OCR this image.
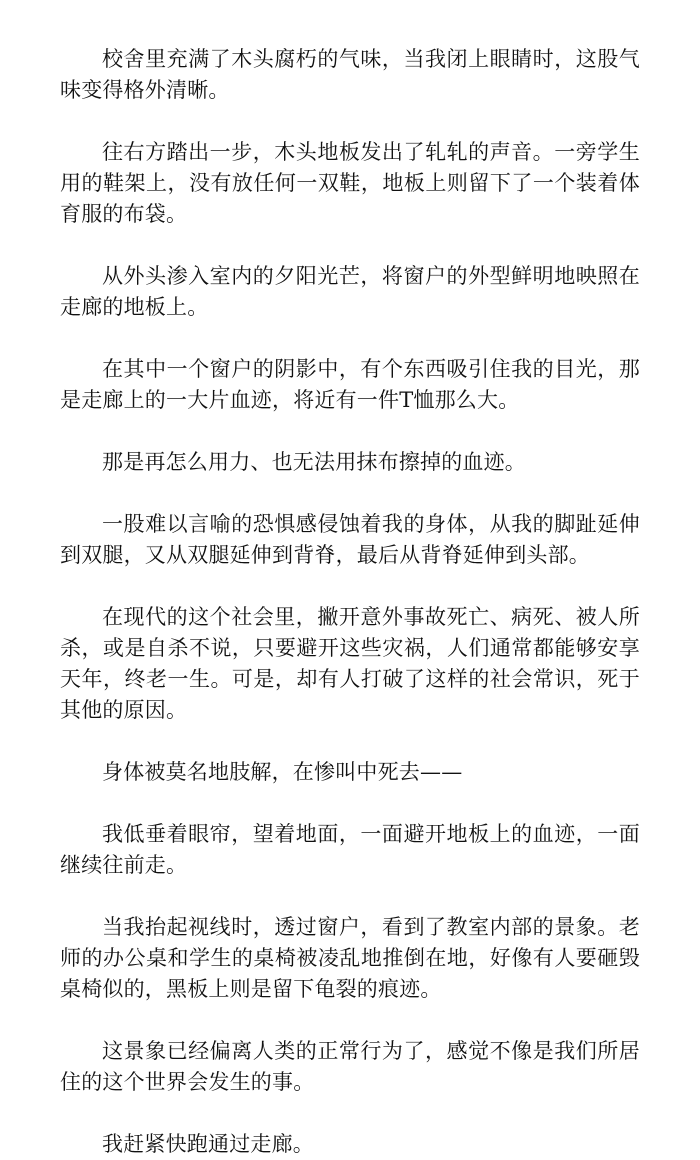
校舍里充满了木头腐朽的气味，当我闭上眼睛时，这股气味变得格外清晰。

往右方踏出一步，木头地板发出了轧轧的声音。一旁学生用的鞋架上，没有放任何一双鞋，地板上则留下了一个装着体育服的布袋。

从外头渗入室内的夕阳光芒，将窗户的外型鲜明地映照在走廊的地板上。

在其中一个窗户的阴影中，有个东西吸引住我的目光，那是走廊上的一大片血迹，将近有一件T恤那么大。

那是再怎么用力、也无法用抹布擦掉的血迹。

一股难以言喻的恐惧感侵蚀着我的身体，从我的脚趾延伸到双腿，又从双腿延伸到背脊，最后从背脊延伸到头部。

在现代的这个社会里，撇开意外事故死亡、病死、被人所杀，或是自杀不说，只要避开这些灾祸，人们通常都能够安享天年，终老一生。可是，却有人打破了这样的社会常识，死于其他的原因。

身体被莫名地肢解，在惨叫中死去——

我低垂着眼帘，望着地面，一面避开地板上的血迹，一面继续往前走。

当我抬起视线时，透过窗户，看到了教室内部的景象。老师的办公桌和学生的桌椅被凌乱地推倒在地，好像有人要砸毁桌椅似的，黑板上则是留下龟裂的痕迹。

这景象已经偏离人类的正常行为了，感觉不像是我们所居住的这个世界会发生的事。

我赶紧快跑通过走廊。
